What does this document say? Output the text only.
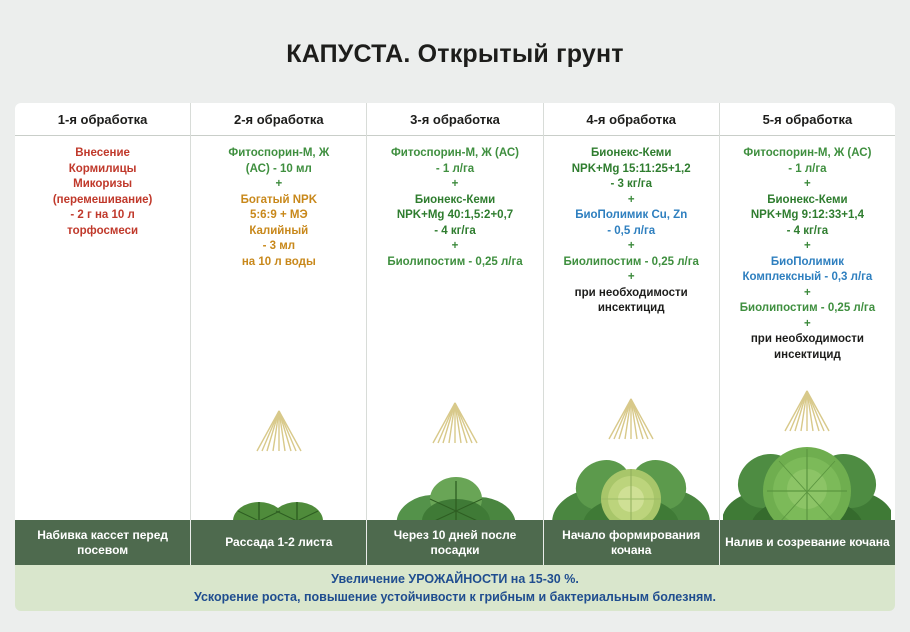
КАПУСТА. Открытый грунт
1-я обработка
Внесение
Кормилицы
Микоризы
(перемешивание)
- 2 г на 10 л
торфосмеси
2-я обработка
Фитоспорин-М, Ж
(АС) - 10 мл
+
Богатый NPK
5:6:9 + МЭ
Калийный
- 3 мл
на 10 л воды
3-я обработка
Фитоспорин-М, Ж (АС)
- 1 л/га
+
Бионекс-Кеми
NPK+Mg 40:1,5:2+0,7
- 4 кг/га
+
Биолипостим - 0,25 л/га
4-я обработка
Бионекс-Кеми
NPK+Mg 15:11:25+1,2
- 3 кг/га
+
БиоПолимик Cu, Zn
- 0,5 л/га
+
Биолипостим - 0,25 л/га
+
при необходимости
инсектицид
5-я обработка
Фитоспорин-М, Ж (АС)
- 1 л/га
+
Бионекс-Кеми
NPK+Mg 9:12:33+1,4
- 4 кг/га
+
БиоПолимик
Комплексный - 0,3 л/га
+
Биолипостим - 0,25 л/га
+
при необходимости
инсектицид
Набивка кассет перед посевом
Рассада 1-2 листа
Через 10 дней после посадки
Начало формирования кочана
Налив и созревание кочана
Увеличение УРОЖАЙНОСТИ на 15-30 %.
Ускорение роста, повышение устойчивости к грибным и бактериальным болезням.
